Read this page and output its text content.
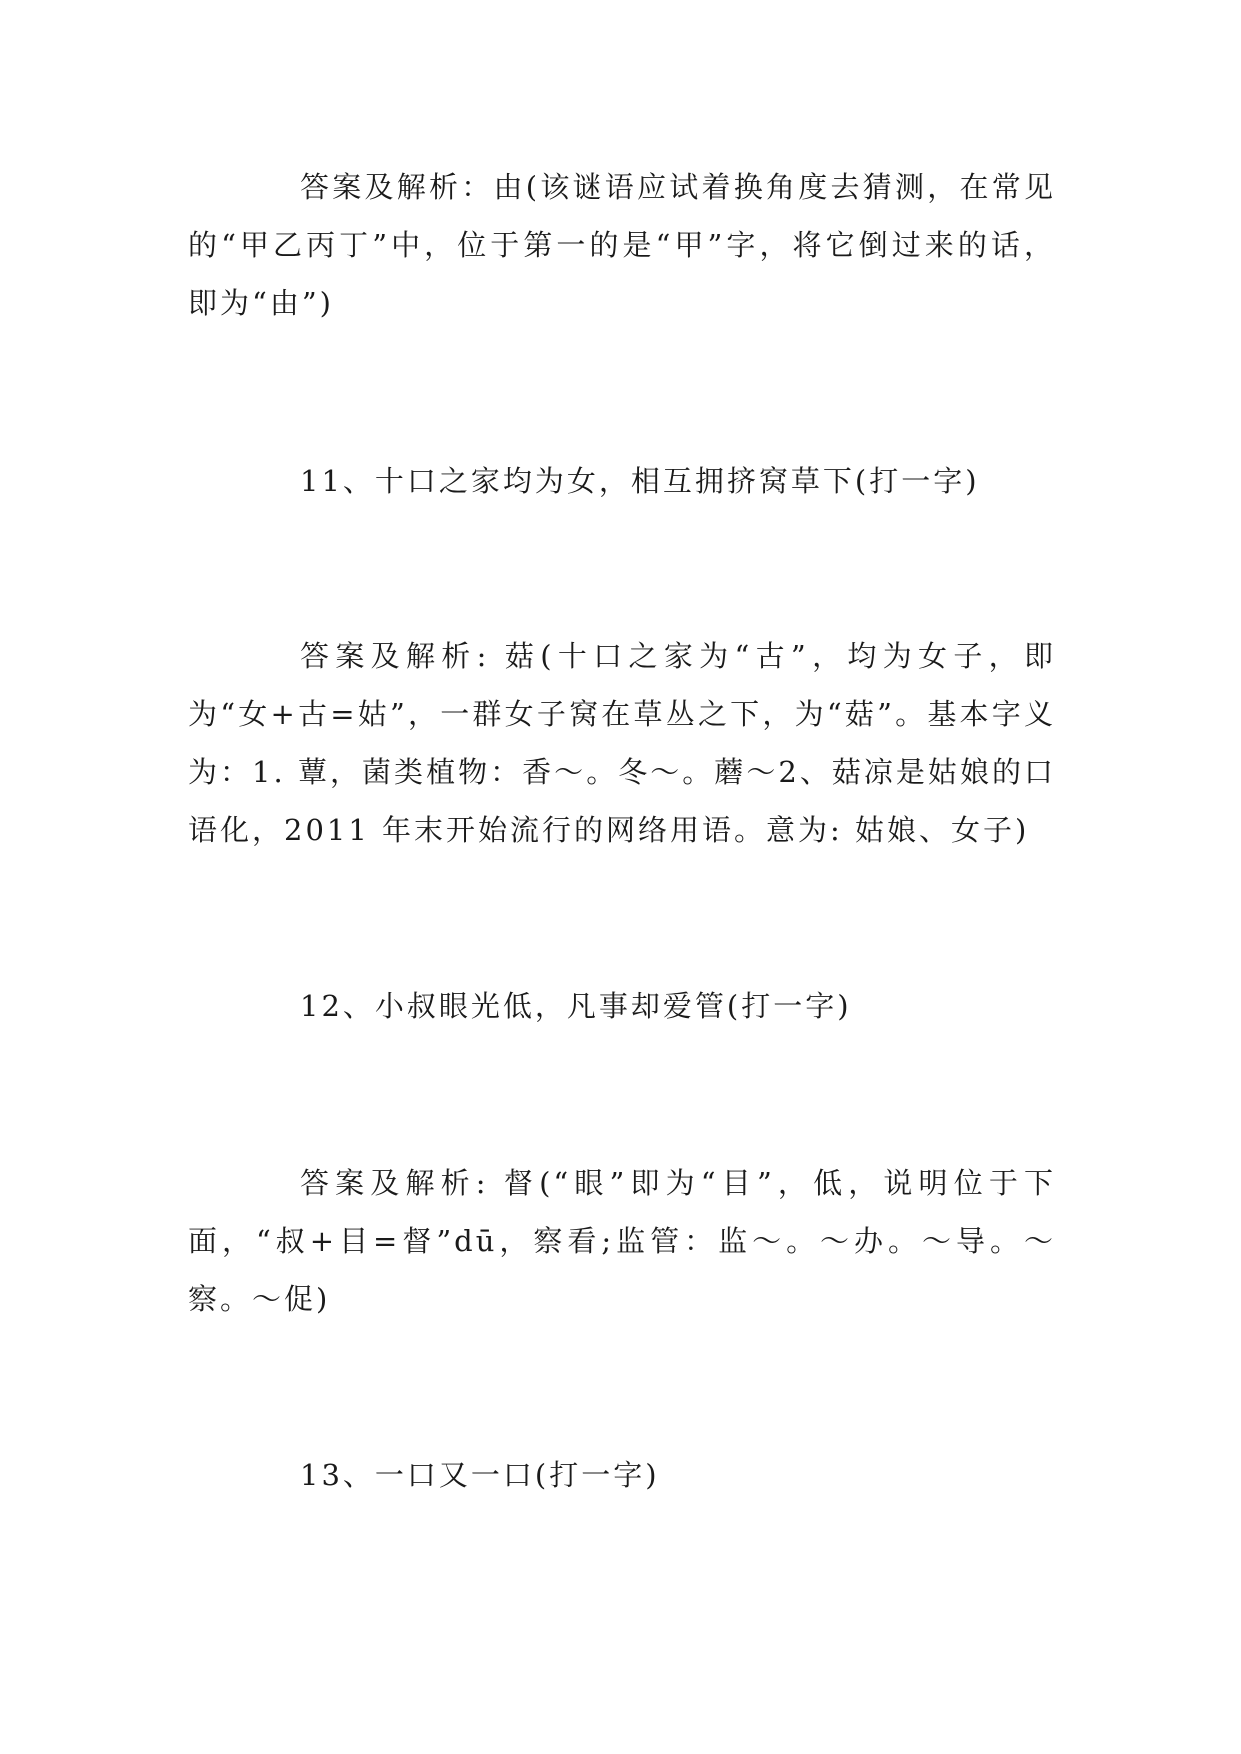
答案及解析：由(该谜语应试着换角度去猜测，在常见的“甲乙丙丁”中，位于第一的是“甲”字，将它倒过来的话，即为“由”)

11、十口之家均为女，相互拥挤窝草下(打一字)

答案及解析: 菇(十口之家为“古”，均为女子，即为“女+古=姑”，一群女子窝在草丛之下，为“菇”。基本字义为：1. 蕈，菌类植物：香～。冬～。蘑～2、菇凉是姑娘的口语化，2011 年末开始流行的网络用语。意为: 姑娘、女子)

12、小叔眼光低，凡事却爱管(打一字)

答案及解析: 督(“眼”即为“目”，低，说明位于下面，“叔+目=督”dū，察看;监管：监～。～办。～导。～察。～促)

13、一口又一口(打一字)
